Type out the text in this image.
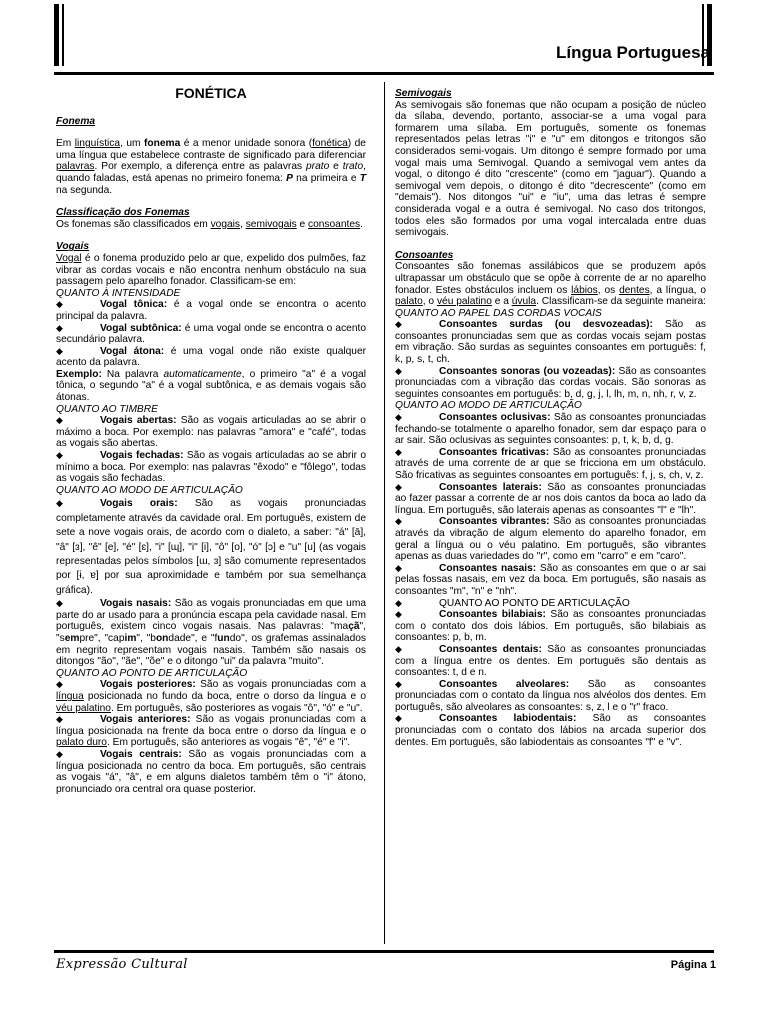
Língua Portuguesa
FONÉTICA

Fonema

Em linguística, um fonema é a menor unidade sonora (fonética) de uma língua que estabelece contraste de significado para diferenciar palavras. Por exemplo, a diferença entre as palavras prato e trato, quando faladas, está apenas no primeiro fonema: P na primeira e T na segunda.

Classificação dos Fonemas

Os fonemas são classificados em vogais, semivogais e consoantes.

Vogais

Vogal é o fonema produzido pelo ar que, expelido dos pulmões, faz vibrar as cordas vocais e não encontra nenhum obstáculo na sua passagem pelo aparelho fonador. Classificam-se em:

QUANTO À INTENSIDADE

◆	Vogal tônica: é a vogal onde se encontra o acento principal da palavra.

◆	Vogal subtônica: é uma vogal onde se encontra o acento secundário palavra.

◆	Vogal átona: é uma vogal onde não existe qualquer acento da palavra.

Exemplo: Na palavra automaticamente, o primeiro "a" é a vogal tônica, o segundo "a" é a vogal subtônica, e as demais vogais são átonas.

QUANTO AO TIMBRE

◆	Vogais abertas: São as vogais articuladas ao se abrir o máximo a boca. Por exemplo: nas palavras "amora" e "café", todas as vogais são abertas.

◆	Vogais fechadas: São as vogais articuladas ao se abrir o mínimo a boca. Por exemplo: nas palavras "êxodo" e "fôlego", todas as vogais são fechadas.

QUANTO AO MODO DE ARTICULAÇÃO

◆	Vogais orais: São as vogais pronunciadas completamente através da cavidade oral. Em português, existem de sete a nove vogais orais, de acordo com o dialeto, a saber: "á" [ā], "â" [ɜ], "ê" [e], "é" [ɛ], "i" [ɰ], "i" [i], "ô" [o], "ó" [ɔ] e "u" [u] (as vogais representadas pelos símbolos [ɯ, ɜ] são comumente representados por [ɨ, ɐ] por sua aproximidade e também por sua semelhança gráfica).

◆	Vogais nasais: São as vogais pronunciadas em que uma parte do ar usado para a pronúncia escapa pela cavidade nasal. Em português, existem cinco vogais nasais. Nas palavras: "maçã", "sempre", "capim", "bondade", e "fundo", os grafemas assinalados em negrito representam vogais nasais. Também são nasais os ditongos "ão", "ãe", "õe" e o ditongo "ui" da palavra "muito".

QUANTO AO PONTO DE ARTICULAÇÃO

◆	Vogais posteriores: São as vogais pronunciadas com a língua posicionada no fundo da boca, entre o dorso da língua e o véu palatino. Em português, são posteriores as vogais "ô", "ó" e "u".

◆	Vogais anteriores: São as vogais pronunciadas com a língua posicionada na frente da boca entre o dorso da língua e o palato duro. Em português, são anteriores as vogais "ê", "é" e "i".

◆	Vogais centrais: São as vogais pronunciadas com a língua posicionada no centro da boca. Em português, são centrais as vogais "á", "â", e em alguns dialetos também têm o "i" átono, pronunciado ora central ora quase posterior.

Semivogais

As semivogais são fonemas que não ocupam a posição de núcleo da sílaba, devendo, portanto, associar-se a uma vogal para formarem uma sílaba. Em português, somente os fonemas representados pelas letras "i" e "u" em ditongos e tritongos são considerados semi-vogais. Um ditongo é sempre formado por uma vogal mais uma Semivogal. Quando a semivogal vem antes da vogal, o ditongo é dito "crescente" (como em "jaguar"). Quando a semivogal vem depois, o ditongo é dito "decrescente" (como em "demais"). Nos ditongos "ui" e "iu", uma das letras é sempre considerada vogal e a outra é semivogal. No caso dos tritongos, todos eles são formados por uma vogal intercalada entre duas semivogais.

Consoantes

Consoantes são fonemas assilábicos que se produzem após ultrapassar um obstáculo que se opõe à corrente de ar no aparelho fonador. Estes obstáculos incluem os lábios, os dentes, a língua, o palato, o véu palatino e a úvula. Classificam-se da seguinte maneira:

QUANTO AO PAPEL DAS CORDAS VOCAIS

◆	Consoantes surdas (ou desvozeadas): São as consoantes pronunciadas sem que as cordas vocais sejam postas em vibração. São surdas as seguintes consoantes em português: f, k, p, s, t, ch.

◆	Consoantes sonoras (ou vozeadas): São as consoantes pronunciadas com a vibração das cordas vocais. São sonoras as seguintes consoantes em português: b, d, g, j, l, lh, m, n, nh, r, v, z.

QUANTO AO MODO DE ARTICULAÇÃO

◆	Consoantes oclusivas: São as consoantes pronunciadas fechando-se totalmente o aparelho fonador, sem dar espaço para o ar sair. São oclusivas as seguintes consoantes: p, t, k, b, d, g.

◆	Consoantes fricativas: São as consoantes pronunciadas através de uma corrente de ar que se fricciona em um obstáculo. São fricativas as seguintes consoantes em português: f, j, s, ch, v, z.

◆	Consoantes laterais: São as consoantes pronunciadas ao fazer passar a corrente de ar nos dois cantos da boca ao lado da língua. Em português, são laterais apenas as consoantes "l" e "lh".

◆	Consoantes vibrantes: São as consoantes pronunciadas através da vibração de algum elemento do aparelho fonador, em geral a língua ou o véu palatino. Em português, são vibrantes apenas as duas variedades do "r", como em "carro" e em "caro".

◆	Consoantes nasais: São as consoantes em que o ar sai pelas fossas nasais, em vez da boca. Em português, são nasais as consoantes "m", "n" e "nh".

◆	QUANTO AO PONTO DE ARTICULAÇÃO

◆	Consoantes bilabiais: São as consoantes pronunciadas com o contato dos dois lábios. Em português, são bilabiais as consoantes: p, b, m.

◆	Consoantes dentais: São as consoantes pronunciadas com a língua entre os dentes. Em portuguës são dentais as consoantes: t, d e n.

◆	Consoantes alveolares: São as consoantes pronunciadas com o contato da língua nos alvéolos dos dentes. Em português, são alveolares as consoantes: s, z, l e o "r" fraco.

◆	Consoantes labiodentais: São as consoantes pronunciadas com o contato dos lábios na arcada superior dos dentes. Em português, são labiodentais as consoantes "f" e "v".

Expressão Cultural	Página 1
